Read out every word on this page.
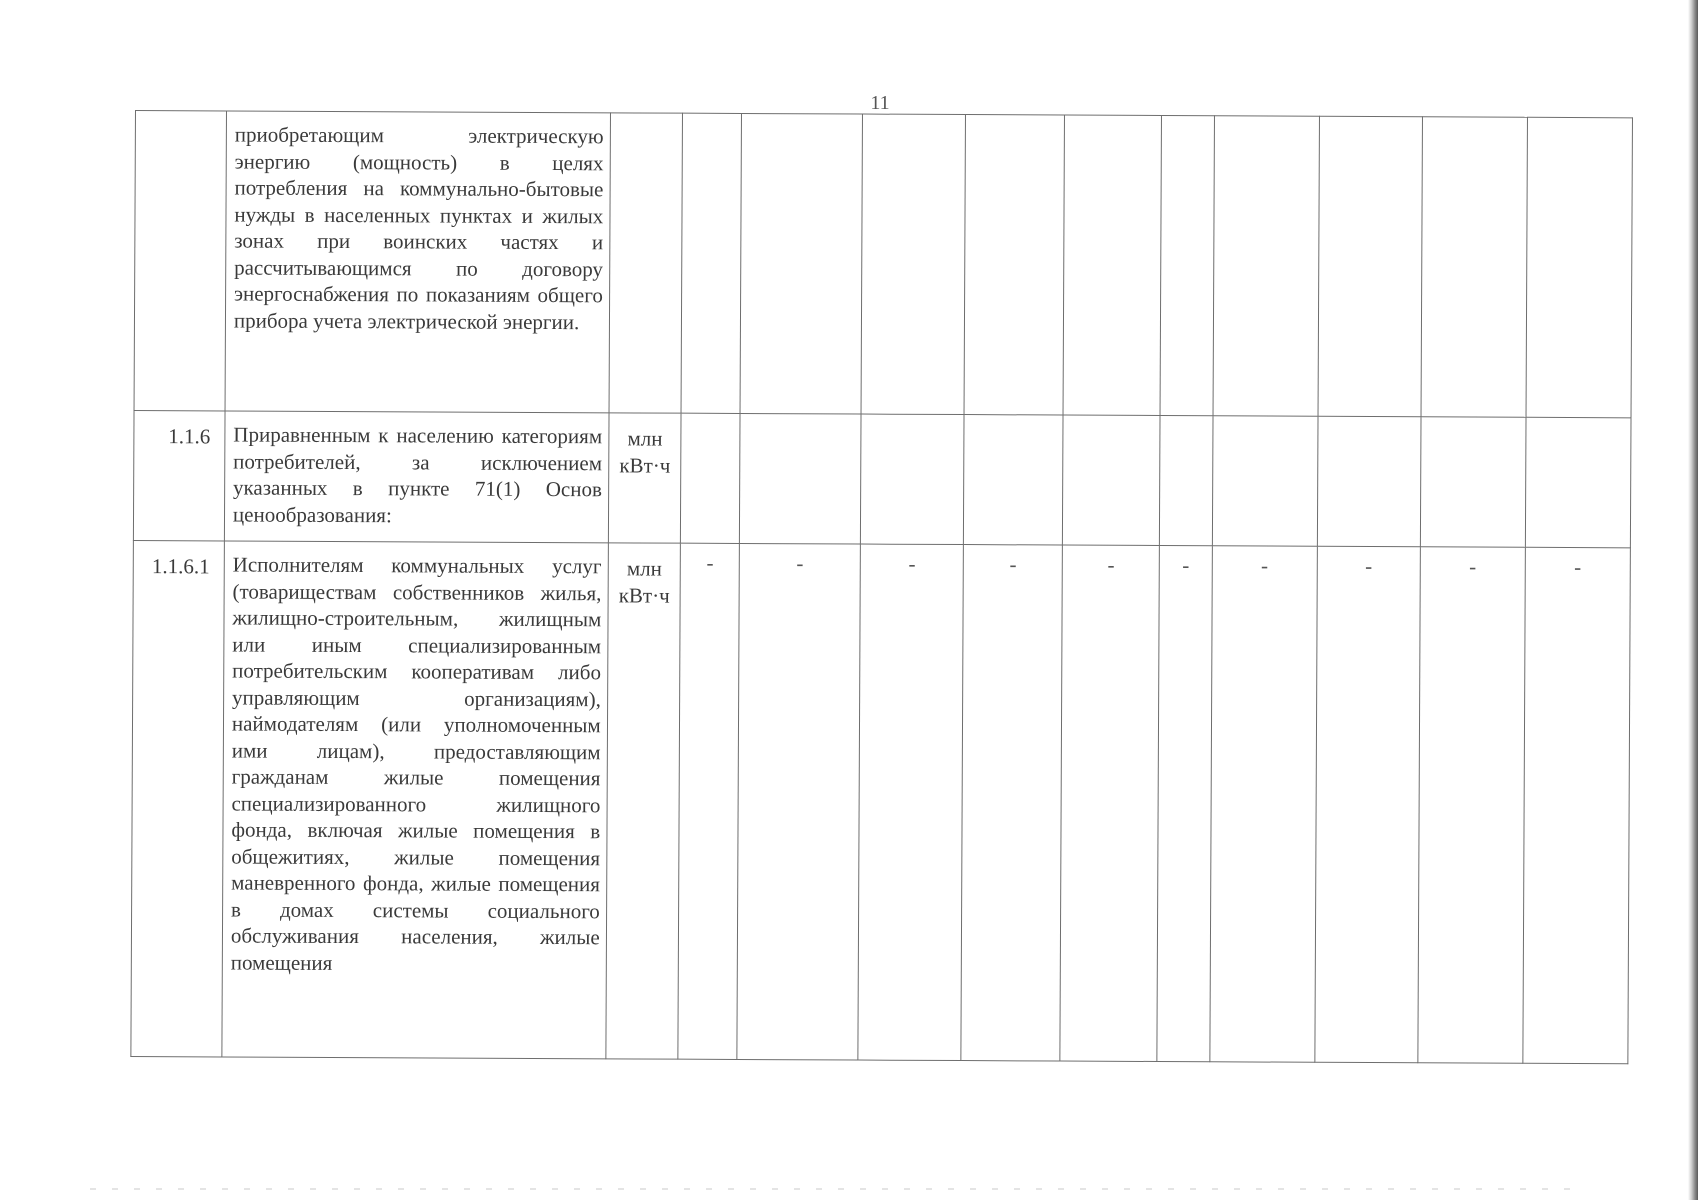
11
	приобретающим электрическую энергию (мощность) в целях потребления на коммунально-бытовые нужды в населенных пунктах и жилых зонах при воинских частях и рассчитывающимся по договору энергоснабжения по показаниям общего прибора учета электрической энергии.											
1.1.6	Приравненным к населению категориям потребителей, за исключением указанных в пункте 71(1) Основ ценообразования:	млн кВт·ч										
1.1.6.1	Исполнителям коммунальных услуг (товариществам собственников жилья, жилищно-строительным, жилищным или иным специализированным потребительским кооперативам либо управляющим организациям), наймодателям (или уполномоченным ими лицам), предоставляющим гражданам жилые помещения специализированного жилищного фонда, включая жилые помещения в общежитиях, жилые помещения маневренного фонда, жилые помещения в домах системы социального обслуживания населения, жилые помещения	млн кВт·ч	-	-	-	-	-	-	-	-	-	-
